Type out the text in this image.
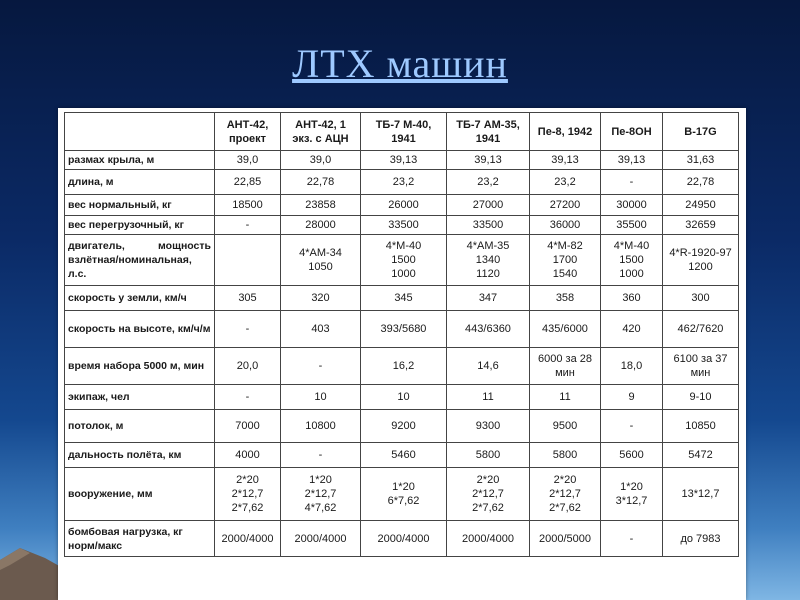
ЛТХ машин
	АНТ-42, проект	АНТ-42, 1 экз. с АЦН	ТБ-7 М-40, 1941	ТБ-7 АМ-35, 1941	Пе-8, 1942	Пе-8ОН	B-17G
размах крыла, м	39,0	39,0	39,13	39,13	39,13	39,13	31,63

длина, м	22,85	22,78	23,2	23,2	23,2	-	22,78

вес нормальный, кг	18500	23858	26000	27000	27200	30000	24950

вес перегрузочный, кг	-	28000	33500	33500	36000	35500	32659

двигатель, мощность взлётная/номинальная, л.с.		4*АМ-34
1050	4*М-40
1500
1000	4*АМ-35
1340
1120	4*М-82
1700
1540	4*М-40
1500
1000	4*R-1920-97
1200

скорость у земли, км/ч	305	320	345	347	358	360	300

скорость на высоте, км/ч/м	-	403	393/5680	443/6360	435/6000	420	462/7620

время набора 5000 м, мин	20,0	-	16,2	14,6	6000 за 28 мин	18,0	6100 за 37 мин

экипаж, чел	-	10	10	11	11	9	9-10

потолок, м	7000	10800	9200	9300	9500	-	10850

дальность полёта, км	4000	-	5460	5800	5800	5600	5472

вооружение, мм	2*20
2*12,7
2*7,62	1*20
2*12,7
4*7,62	1*20
6*7,62	2*20
2*12,7
2*7,62	2*20
2*12,7
2*7,62	1*20
3*12,7	13*12,7

бомбовая нагрузка, кг норм/макс	2000/4000	2000/4000	2000/4000	2000/4000	2000/5000	-	до 7983
